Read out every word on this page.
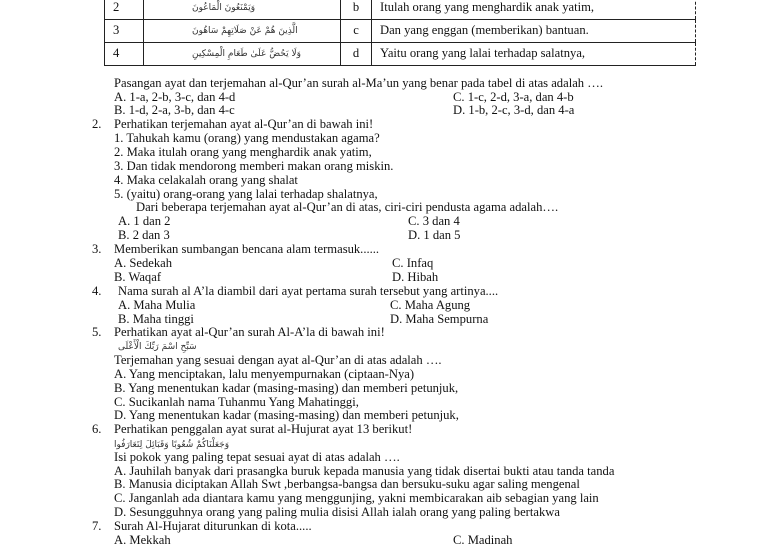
2	وَيَمْنَعُونَ الْمَاعُونَ	b	Itulah orang yang menghardik anak yatim,
3	الَّذِينَ هُمْ عَنْ صَلَاتِهِمْ سَاهُونَ	c	Dan yang enggan (memberikan) bantuan.
4	وَلَا يَحُضُّ عَلَىٰ طَعَامِ الْمِسْكِينِ	d	Yaitu orang yang lalai terhadap salatnya,
Pasangan ayat dan terjemahan al-Qur’an surah al-Ma’un yang benar pada tabel di atas adalah ….
A. 1-a, 2-b, 3-c, dan 4-d	C. 1-c, 2-d, 3-a, dan 4-b
B. 1-d, 2-a, 3-b, dan 4-c	D. 1-b, 2-c, 3-d, dan 4-a
2. Perhatikan terjemahan ayat al-Qur’an di bawah ini!
1. Tahukah kamu (orang) yang mendustakan agama?
2. Maka itulah orang yang menghardik anak yatim,
3. Dan tidak mendorong memberi makan orang miskin.
4. Maka celakalah orang yang shalat
5. (yaitu) orang-orang yang lalai terhadap shalatnya,
Dari beberapa terjemahan ayat al-Qur’an di atas, ciri-ciri pendusta agama adalah….
A. 1 dan 2	C. 3 dan 4
B. 2 dan 3	D. 1 dan 5
3. Memberikan sumbangan bencana alam termasuk......
A. Sedekah	C. Infaq
B. Waqaf	D. Hibah
4. Nama surah al A’la diambil dari ayat pertama surah tersebut yang artinya....
A. Maha Mulia	C. Maha Agung
B. Maha tinggi	D. Maha Sempurna
5. Perhatikan ayat al-Qur’an surah Al-A’la di bawah ini!
سَبِّحِ اسْمَ رَبِّكَ الْأَعْلَى
Terjemahan yang sesuai dengan ayat al-Qur’an di atas adalah ….
A. Yang menciptakan, lalu menyempurnakan (ciptaan-Nya)
B. Yang menentukan kadar (masing-masing) dan memberi petunjuk,
C. Sucikanlah nama Tuhanmu Yang Mahatinggi,
D. Yang menentukan kadar (masing-masing) dan memberi petunjuk,
6. Perhatikan penggalan ayat surat al-Hujurat ayat 13 berikut!
وَجَعَلْنَاكُمْ شُعُوبًا وَقَبَائِلَ لِتَعَارَفُوا
Isi pokok yang paling tepat sesuai ayat di atas adalah ….
A. Jauhilah banyak dari prasangka buruk kepada manusia yang tidak disertai bukti atau tanda tanda
B. Manusia diciptakan Allah Swt ,berbangsa-bangsa dan bersuku-suku agar saling mengenal
C. Janganlah ada diantara kamu yang menggunjing, yakni membicarakan aib sebagian yang lain
D. Sesungguhnya orang yang paling mulia disisi Allah ialah orang yang paling bertakwa
7. Surah Al-Hujarat diturunkan di kota.....
A. Mekkah	C. Madinah
